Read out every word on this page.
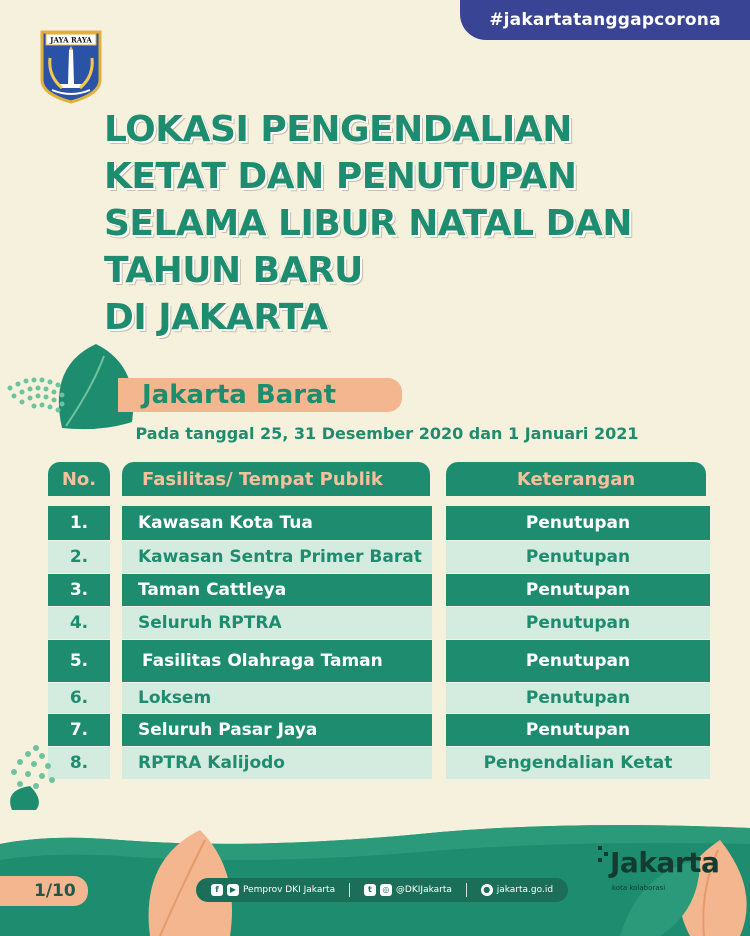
#jakartatanggapcorona
JAYA RAYA
LOKASI PENGENDALIAN
KETAT DAN PENUTUPAN
SELAMA LIBUR NATAL DAN
TAHUN BARU
DI JAKARTA
Jakarta Barat
Pada tanggal 25, 31 Desember 2020 dan 1 Januari 2021
No.	Fasilitas/ Tempat Publik	Keterangan
1.	Kawasan Kota Tua	Penutupan
2.	Kawasan Sentra Primer Barat	Penutupan
3.	Taman Cattleya	Penutupan
4.	Seluruh RPTRA	Penutupan
5.	Fasilitas Olahraga Taman	Penutupan
6.	Loksem	Penutupan
7.	Seluruh Pasar Jaya	Penutupan
8.	RPTRA Kalijodo	Pengendalian Ketat
1/10	f	▶ Pemprov DKI Jakarta	t	◎ @DKIJakarta	● jakarta.go.id
Jakarta
kota kolaborasi
